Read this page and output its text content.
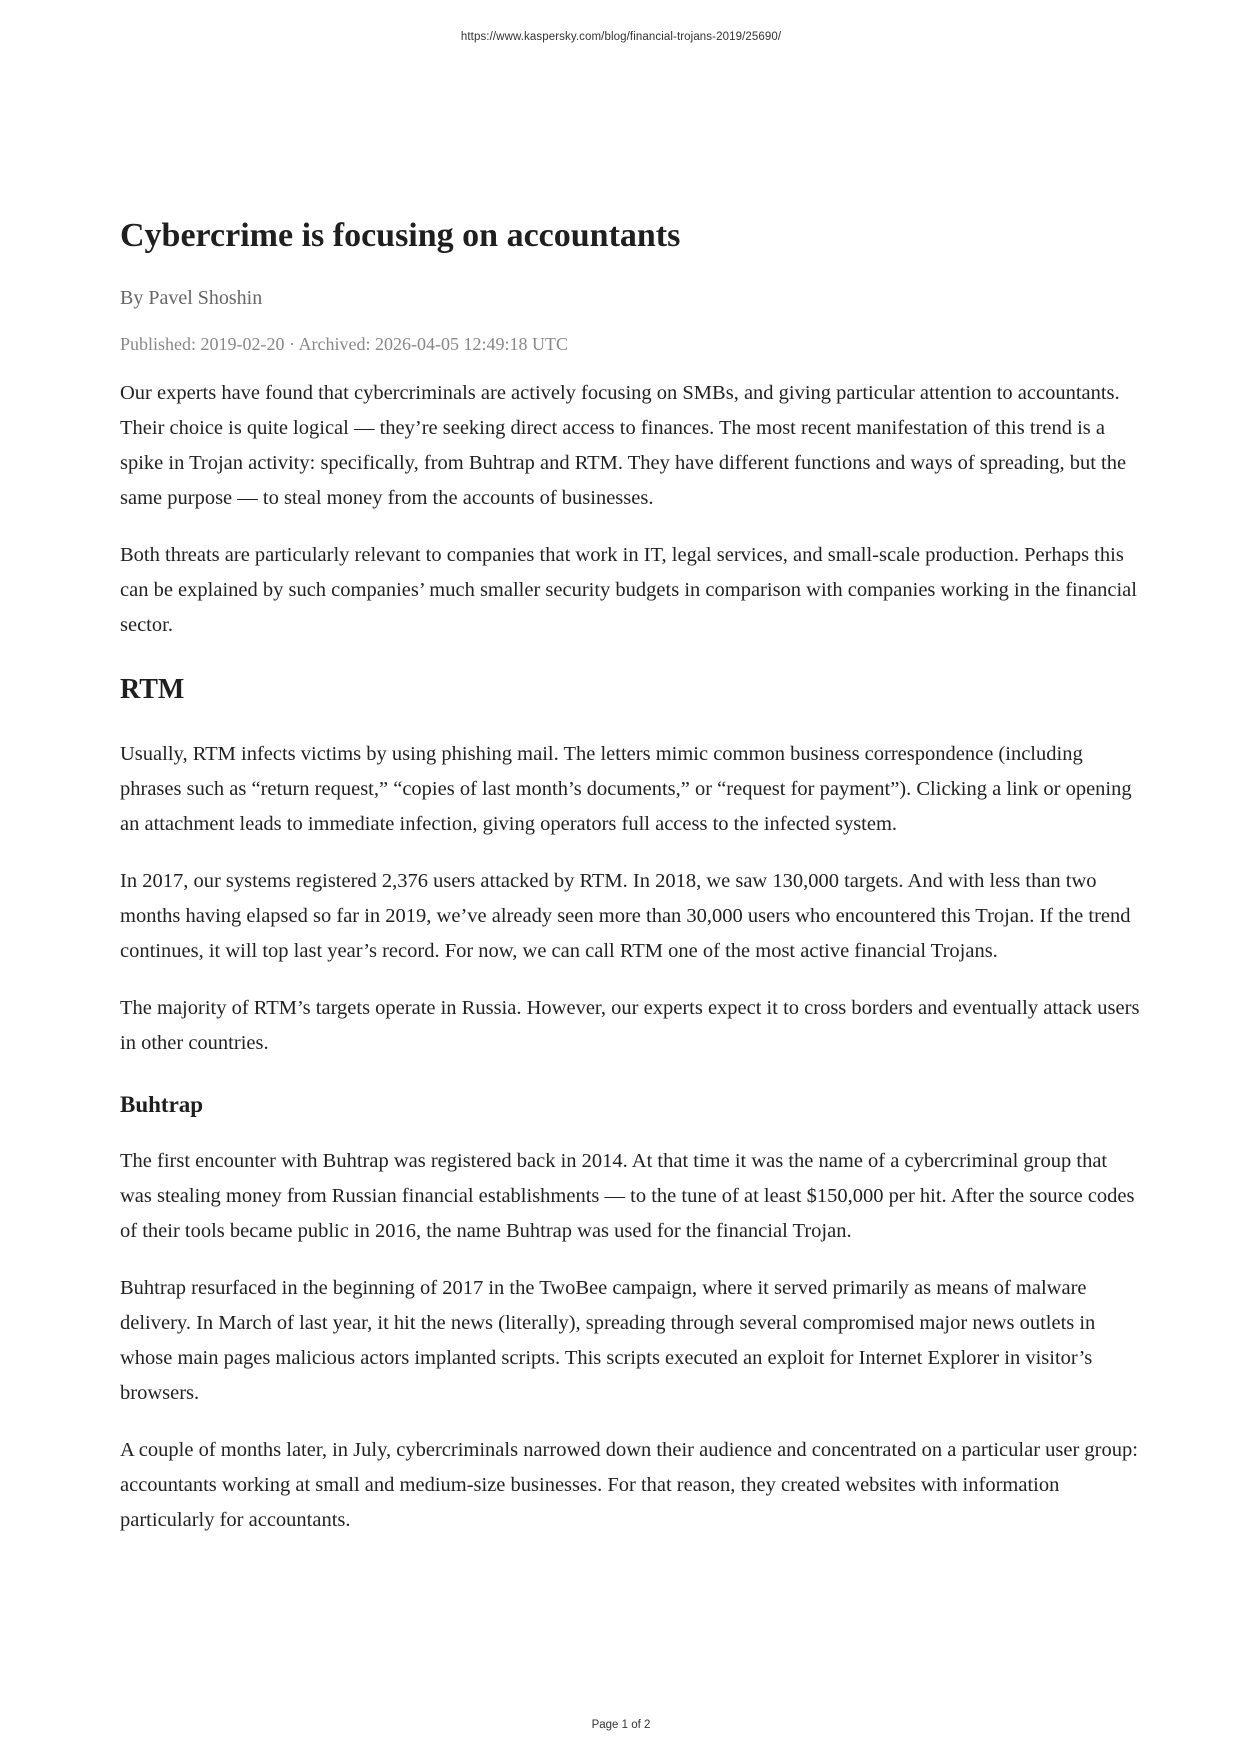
https://www.kaspersky.com/blog/financial-trojans-2019/25690/
Cybercrime is focusing on accountants

By Pavel Shoshin

Published: 2019-02-20 · Archived: 2026-04-05 12:49:18 UTC

Our experts have found that cybercriminals are actively focusing on SMBs, and giving particular attention to accountants. Their choice is quite logical — they’re seeking direct access to finances. The most recent manifestation of this trend is a spike in Trojan activity: specifically, from Buhtrap and RTM. They have different functions and ways of spreading, but the same purpose — to steal money from the accounts of businesses.

Both threats are particularly relevant to companies that work in IT, legal services, and small-scale production. Perhaps this can be explained by such companies’ much smaller security budgets in comparison with companies working in the financial sector.

RTM

Usually, RTM infects victims by using phishing mail. The letters mimic common business correspondence (including phrases such as “return request,” “copies of last month’s documents,” or “request for payment”). Clicking a link or opening an attachment leads to immediate infection, giving operators full access to the infected system.

In 2017, our systems registered 2,376 users attacked by RTM. In 2018, we saw 130,000 targets. And with less than two months having elapsed so far in 2019, we’ve already seen more than 30,000 users who encountered this Trojan. If the trend continues, it will top last year’s record. For now, we can call RTM one of the most active financial Trojans.

The majority of RTM’s targets operate in Russia. However, our experts expect it to cross borders and eventually attack users in other countries.

Buhtrap

The first encounter with Buhtrap was registered back in 2014. At that time it was the name of a cybercriminal group that was stealing money from Russian financial establishments — to the tune of at least $150,000 per hit. After the source codes of their tools became public in 2016, the name Buhtrap was used for the financial Trojan.

Buhtrap resurfaced in the beginning of 2017 in the TwoBee campaign, where it served primarily as means of malware delivery. In March of last year, it hit the news (literally), spreading through several compromised major news outlets in whose main pages malicious actors implanted scripts. This scripts executed an exploit for Internet Explorer in visitor’s browsers.

A couple of months later, in July, cybercriminals narrowed down their audience and concentrated on a particular user group: accountants working at small and medium-size businesses. For that reason, they created websites with information particularly for accountants.

Page 1 of 2
